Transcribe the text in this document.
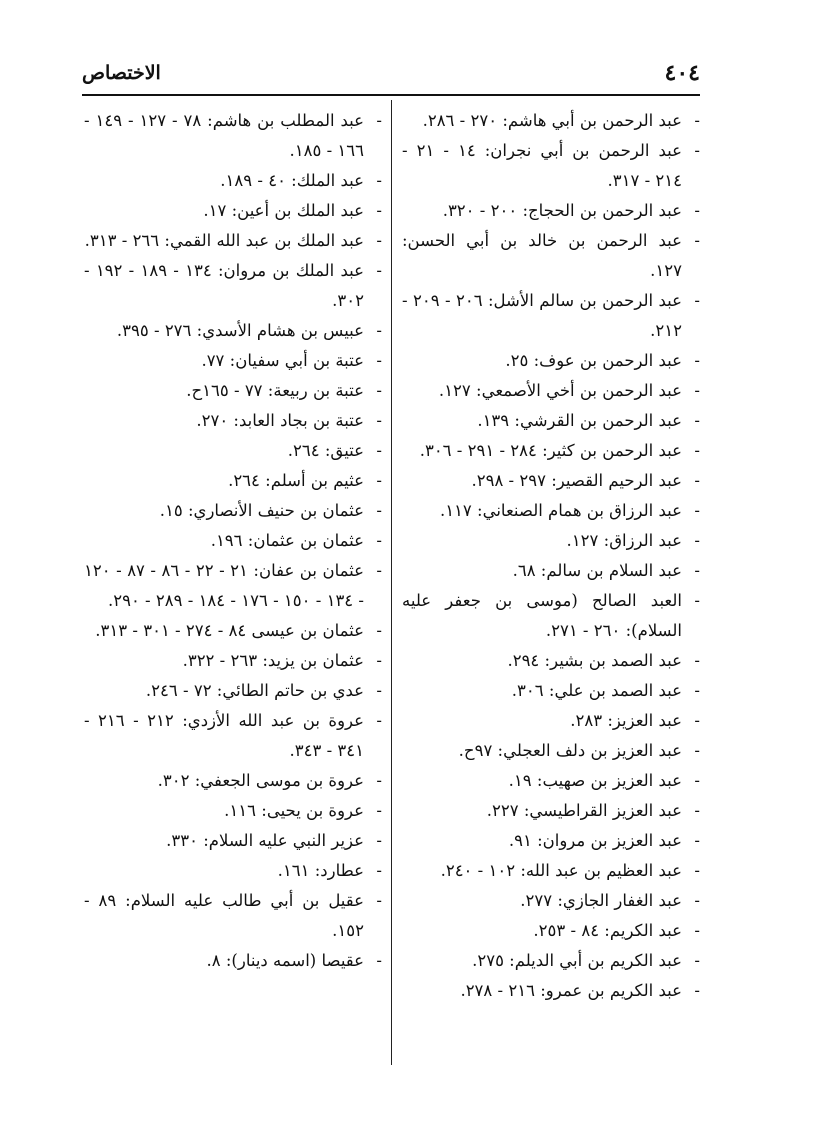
٤٠٤
الاختصاص
-
عبد الرحمن بن أبي هاشم: ٢٧٠ - ٢٨٦.
-
عبد الرحمن بن أبي نجران: ١٤ - ٢١ - ٢١٤ - ٣١٧.
-
عبد الرحمن بن الحجاج: ٢٠٠ - ٣٢٠.
-
عبد الرحمن بن خالد بن أبي الحسن: ١٢٧.
-
عبد الرحمن بن سالم الأشل: ٢٠٦ - ٢٠٩ - ٢١٢.
-
عبد الرحمن بن عوف: ٢٥.
-
عبد الرحمن بن أخي الأصمعي: ١٢٧.
-
عبد الرحمن بن القرشي: ١٣٩.
-
عبد الرحمن بن كثير: ٢٨٤ - ٢٩١ - ٣٠٦.
-
عبد الرحيم القصير: ٢٩٧ - ٢٩٨.
-
عبد الرزاق بن همام الصنعاني: ١١٧.
-
عبد الرزاق: ١٢٧.
-
عبد السلام بن سالم: ٦٨.
-
العبد الصالح (موسى بن جعفر عليه السلام): ٢٦٠ - ٢٧١.
-
عبد الصمد بن بشير: ٢٩٤.
-
عبد الصمد بن علي: ٣٠٦.
-
عبد العزيز: ٢٨٣.
-
عبد العزيز بن دلف العجلي: ٩٧ح.
-
عبد العزيز بن صهيب: ١٩.
-
عبد العزيز القراطيسي: ٢٢٧.
-
عبد العزيز بن مروان: ٩١.
-
عبد العظيم بن عبد الله: ١٠٢ - ٢٤٠.
-
عبد الغفار الجازي: ٢٧٧.
-
عبد الكريم: ٨٤ - ٢٥٣.
-
عبد الكريم بن أبي الديلم: ٢٧٥.
-
عبد الكريم بن عمرو: ٢١٦ - ٢٧٨.
-
عبد المطلب بن هاشم: ٧٨ - ١٢٧ - ١٤٩ - ١٦٦ - ١٨٥.
-
عبد الملك: ٤٠ - ١٨٩.
-
عبد الملك بن أعين: ١٧.
-
عبد الملك بن عبد الله القمي: ٢٦٦ - ٣١٣.
-
عبد الملك بن مروان: ١٣٤ - ١٨٩ - ١٩٢ - ٣٠٢.
-
عبيس بن هشام الأسدي: ٢٧٦ - ٣٩٥.
-
عتبة بن أبي سفيان: ٧٧.
-
عتبة بن ربيعة: ٧٧ - ١٦٥ح.
-
عتبة بن بجاد العابد: ٢٧٠.
-
عتيق: ٢٦٤.
-
عثيم بن أسلم: ٢٦٤.
-
عثمان بن حنيف الأنصاري: ١٥.
-
عثمان بن عثمان: ١٩٦.
-
عثمان بن عفان: ٢١ - ٢٢ - ٨٦ - ٨٧ - ١٢٠ - ١٣٤ - ١٥٠ - ١٧٦ - ١٨٤ - ٢٨٩ - ٢٩٠.
-
عثمان بن عيسى ٨٤ - ٢٧٤ - ٣٠١ - ٣١٣.
-
عثمان بن يزيد: ٢٦٣ - ٣٢٢.
-
عدي بن حاتم الطائي: ٧٢ - ٢٤٦.
-
عروة بن عبد الله الأزدي: ٢١٢ - ٢١٦ - ٣٤١ - ٣٤٣.
-
عروة بن موسى الجعفي: ٣٠٢.
-
عروة بن يحيى: ١١٦.
-
عزير النبي عليه السلام: ٣٣٠.
-
عطارد: ١٦١.
-
عقيل بن أبي طالب عليه السلام: ٨٩ - ١٥٢.
-
عقيصا (اسمه دينار): ٨.
